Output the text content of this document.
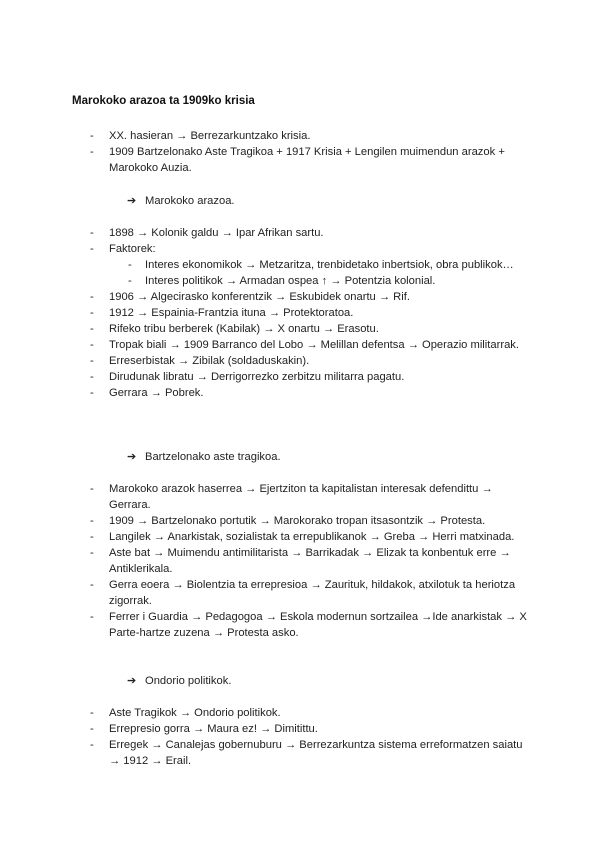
Marokoko arazoa ta 1909ko krisia
- XX. hasieran → Berrezarkuntzako krisia.
- 1909 Bartzelonako Aste Tragikoa + 1917 Krisia + Lengilen muimendun arazok + Marokoko Auzia.
➔ Marokoko arazoa.
- 1898 → Kolonik galdu → Ipar Afrikan sartu.
- Faktorek:
- Interes ekonomikok → Metzaritza, trenbidetako inbertsiok, obra publikok…
- Interes politikok → Armadan ospea ↑ → Potentzia kolonial.
- 1906 → Algecirasko konferentzik → Eskubidek onartu → Rif.
- 1912 → Espainia-Frantzia ituna → Protektoratoa.
- Rifeko tribu berberek (Kabilak) → X onartu → Erasotu.
- Tropak biali → 1909 Barranco del Lobo → Melillan defentsa → Operazio militarrak.
- Erreserbistak → Zibilak (soldaduskakin).
- Dirudunak libratu → Derrigorrezko zerbitzu militarra pagatu.
- Gerrara → Pobrek.
➔ Bartzelonako aste tragikoa.
- Marokoko arazok haserrea → Ejertziton ta kapitalistan interesak defendittu → Gerrara.
- 1909 → Bartzelonako portutik → Marokorako tropan itsasontzik → Protesta.
- Langilek → Anarkistak, sozialistak ta errepublikanok → Greba → Herri matxinada.
- Aste bat → Muimendu antimilitarista → Barrikadak → Elizak ta konbentuk erre → Antiklerikala.
- Gerra eoera → Biolentzia ta errepresioa → Zaurituk, hildakok, atxilotuk ta heriotza zigorrak.
- Ferrer i Guardia → Pedagogoa → Eskola modernun sortzailea →Ide anarkistak → X Parte-hartze zuzena → Protesta asko.
➔ Ondorio politikok.
- Aste Tragikok → Ondorio politikok.
- Errepresio gorra → Maura ez! → Dimitittu.
- Erregek → Canalejas gobernuburu → Berrezarkuntza sistema erreformatzen saiatu → 1912 → Erail.
